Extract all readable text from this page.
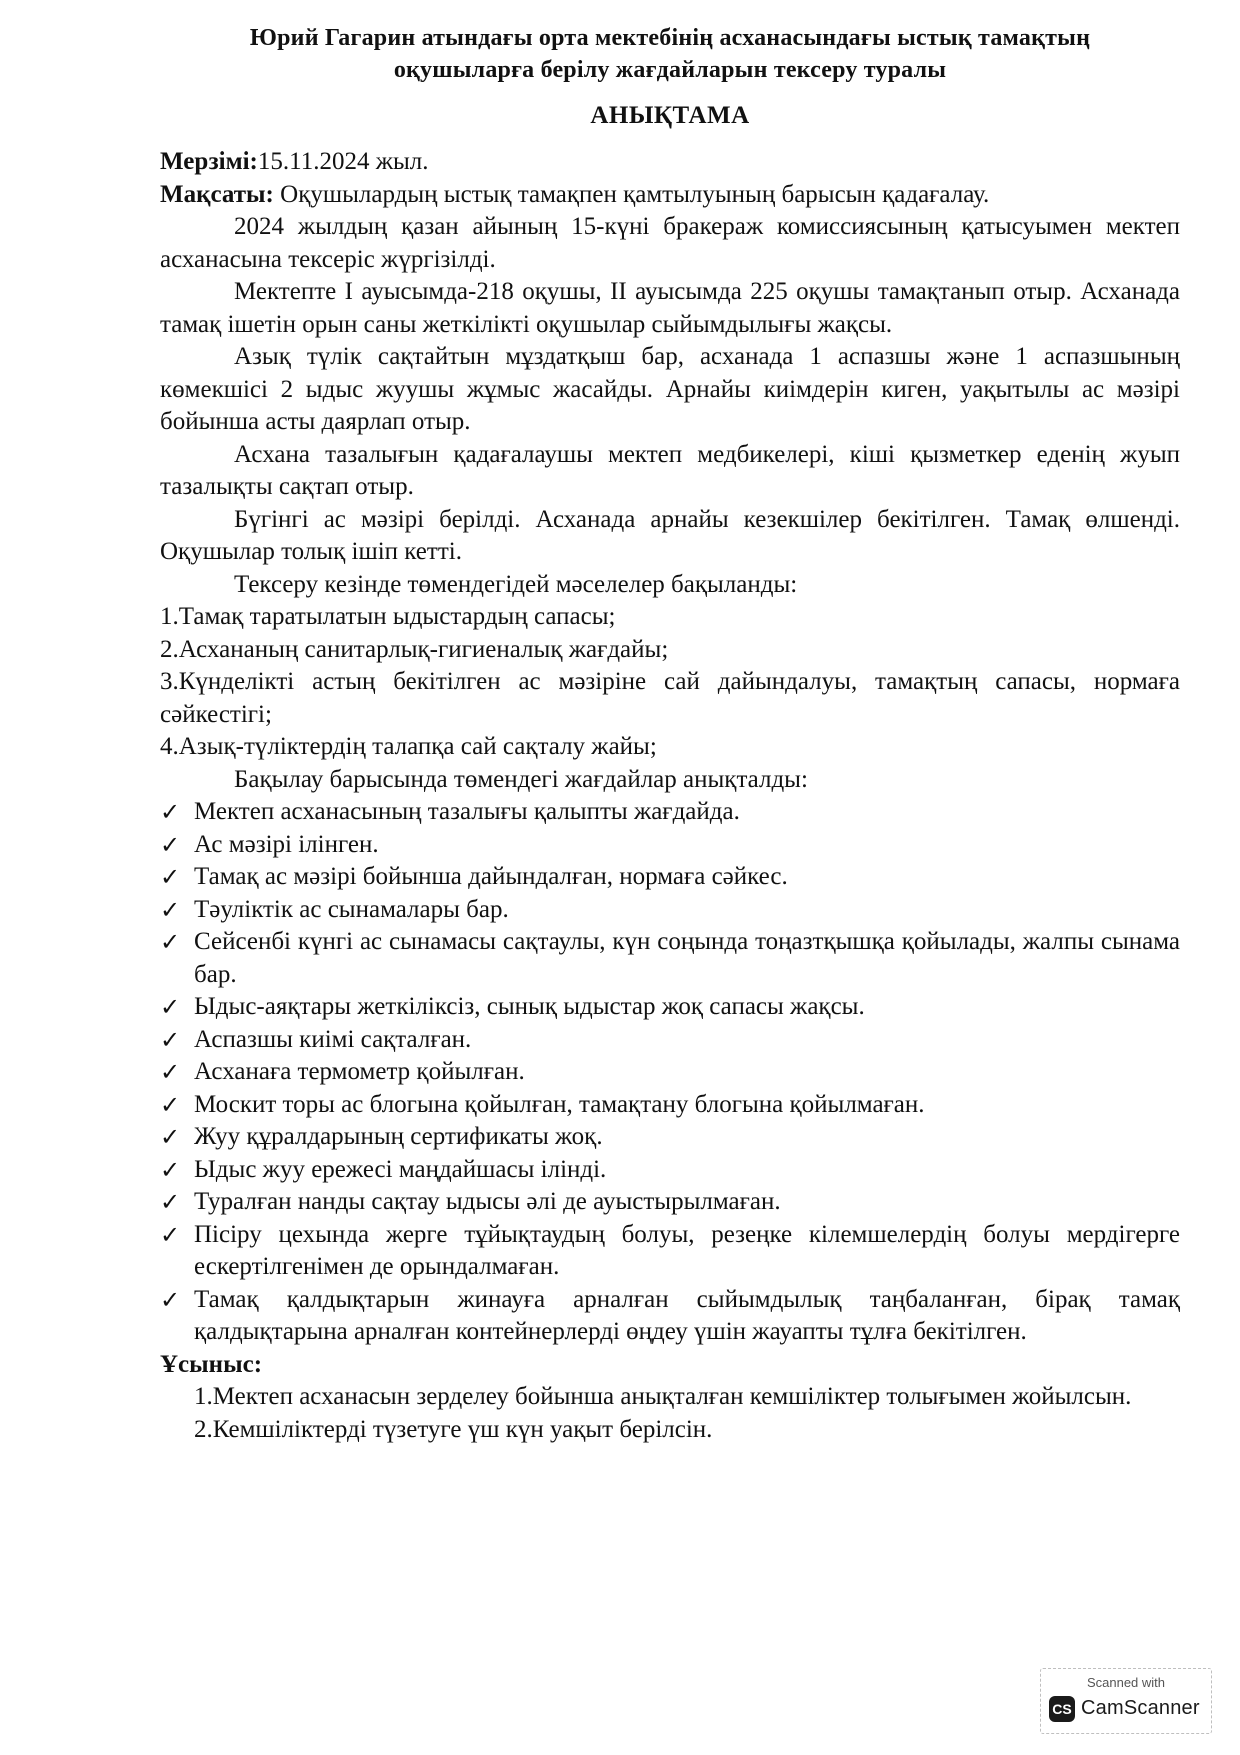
Юрий Гагарин атындағы орта мектебінің асханасындағы ыстық тамақтың
оқушыларға берілу жағдайларын тексеру туралы
АНЫҚТАМА
Мерзімі:15.11.2024 жыл.
Мақсаты: Оқушылардың ыстық тамақпен қамтылуының барысын қадағалау.
2024 жылдың қазан айының 15-күні бракераж комиссиясының қатысуымен мектеп асханасына тексеріс жүргізілді.
Мектепте I ауысымда-218 оқушы, II ауысымда 225 оқушы тамақтанып отыр. Асханада тамақ ішетін орын саны жеткілікті оқушылар сыйымдылығы жақсы.
Азық түлік сақтайтын мұздатқыш бар, асханада 1 аспазшы және 1 аспазшының көмекшісі 2 ыдыс жуушы жұмыс жасайды. Арнайы киімдерін киген, уақытылы ас мәзірі бойынша асты даярлап отыр.
Асхана тазалығын қадағалаушы мектеп медбикелері, кіші қызметкер еденің жуып тазалықты сақтап отыр.
Бүгінгі ас мәзірі берілді. Асханада арнайы кезекшілер бекітілген. Тамақ өлшенді. Оқушылар толық ішіп кетті.
Тексеру кезінде төмендегідей мәселелер бақыланды:
1.Тамақ таратылатын ыдыстардың сапасы;
2.Асхананың санитарлық-гигиеналық жағдайы;
3.Күнделікті астың бекітілген ас мәзіріне сай дайындалуы, тамақтың сапасы, нормаға сәйкестігі;
4.Азық-түліктердің талапқа сай сақталу жайы;
Бақылау барысында төмендегі жағдайлар анықталды:
✓ Мектеп асханасының тазалығы қалыпты жағдайда.
✓ Ас мәзірі ілінген.
✓ Тамақ ас мәзірі бойынша дайындалған, нормаға сәйкес.
✓ Тәуліктік ас сынамалары бар.
✓ Сейсенбі күнгі ас сынамасы сақтаулы, күн соңында тоңазтқышқа қойылады, жалпы сынама бар.
✓ Ыдыс-аяқтары жеткіліксіз, сынық ыдыстар жоқ сапасы жақсы.
✓ Аспазшы киімі сақталған.
✓ Асханаға термометр қойылған.
✓ Москит торы ас блогына қойылған, тамақтану блогына қойылмаған.
✓ Жуу құралдарының сертификаты жоқ.
✓ Ыдыс жуу ережесі маңдайшасы ілінді.
✓ Туралған нанды сақтау ыдысы әлі де ауыстырылмаған.
✓ Пісіру цехында жерге тұйықтаудың болуы, резеңке кілемшелердің болуы мердігерге ескертілгенімен де орындалмаған.
✓ Тамақ қалдықтарын жинауға арналған сыйымдылық таңбаланған, бірақ тамақ қалдықтарына арналған контейнерлерді өңдеу үшін жауапты тұлға бекітілген.
Ұсыныс:
1.Мектеп асханасын зерделеу бойынша анықталған кемшіліктер толығымен жойылсын.
2.Кемшіліктерді түзетуге үш күн уақыт берілсін.
Scanned with
CS CamScanner
